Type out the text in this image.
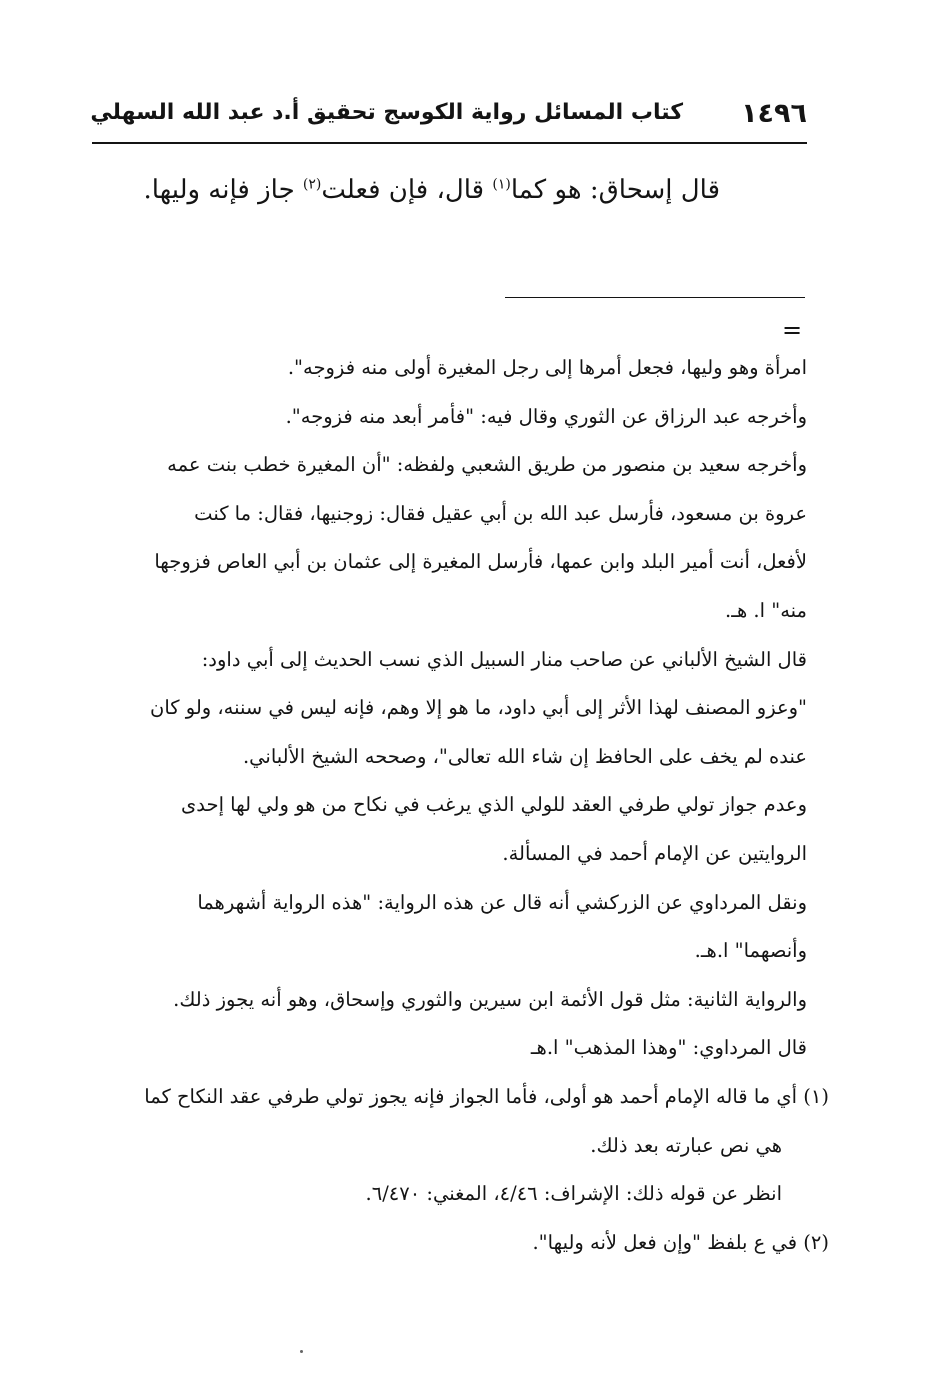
١٤٩٦
كتاب المسائل رواية الكوسج تحقيق أ.د عبد الله السهلي
قال إسحاق: هو كما$^{(١)}$ قال، فإن فعلت$^{(٢)}$ جاز فإنه وليها.
=

امرأة وهو وليها، فجعل أمرها إلى رجل المغيرة أولى منه فزوجه".

وأخرجه عبد الرزاق عن الثوري وقال فيه: "فأمر أبعد منه فزوجه".

وأخرجه سعيد بن منصور من طريق الشعبي ولفظه: "أن المغيرة خطب بنت عمه

عروة بن مسعود، فأرسل عبد الله بن أبي عقيل فقال: زوجنيها، فقال: ما كنت

لأفعل، أنت أمير البلد وابن عمها، فأرسل المغيرة إلى عثمان بن أبي العاص فزوجها

منه" ا. هـ.

قال الشيخ الألباني عن صاحب منار السبيل الذي نسب الحديث إلى أبي داود:

"وعزو المصنف لهذا الأثر إلى أبي داود، ما هو إلا وهم، فإنه ليس في سننه، ولو كان

عنده لم يخف على الحافظ إن شاء الله تعالى"، وصححه الشيخ الألباني.

وعدم جواز تولي طرفي العقد للولي الذي يرغب في نكاح من هو ولي لها إحدى

الروايتين عن الإمام أحمد في المسألة.

ونقل المرداوي عن الزركشي أنه قال عن هذه الرواية: "هذه الرواية أشهرهما

وأنصهما" ا.هـ.

والرواية الثانية: مثل قول الأئمة ابن سيرين والثوري وإسحاق، وهو أنه يجوز ذلك.

قال المرداوي: "وهذا المذهب" ا.هـ

(١) أي ما قاله الإمام أحمد هو أولى، فأما الجواز فإنه يجوز تولي طرفي عقد النكاح كما

هي نص عبارته بعد ذلك.

انظر عن قوله ذلك: الإشراف: ٤/٤٦، المغني: ٦/٤٧٠.

(٢) في ع بلفظ "وإن فعل لأنه وليها".
